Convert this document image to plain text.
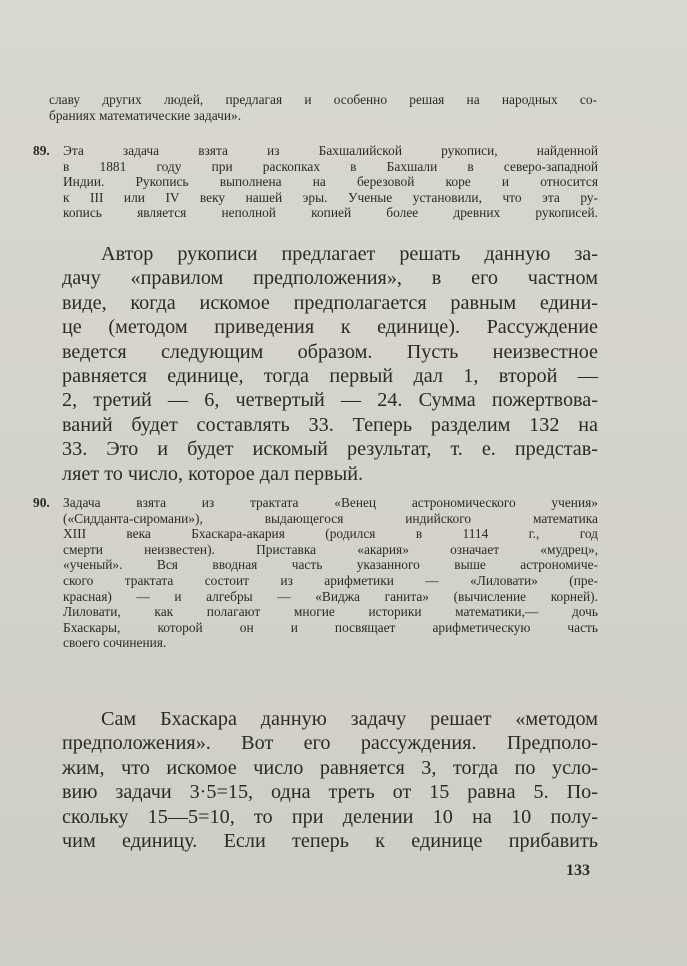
славу других людей, предлагая и особенно решая на народных со-
браниях математические задачи».
89. Эта задача взята из Бахшалийской рукописи, найденной
в 1881 году при раскопках в Бахшали в северо-западной
Индии. Рукопись выполнена на березовой коре и относится
к III или IV веку нашей эры. Ученые установили, что эта ру-
копись является неполной копией более древних рукописей.
Автор рукописи предлагает решать данную за-
дачу «правилом предположения», в его частном
виде, когда искомое предполагается равным едини-
це (методом приведения к единице). Рассуждение
ведется следующим образом. Пусть неизвестное
равняется единице, тогда первый дал 1, второй —
2, третий — 6, четвертый — 24. Сумма пожертвова-
ваний будет составлять 33. Теперь разделим 132 на
33. Это и будет искомый результат, т. е. представ-
ляет то число, которое дал первый.
90. Задача взята из трактата «Венец астрономического учения»
(«Сидданта-сиромани»), выдающегося индийского математика
XIII века Бхаскара-акария (родился в 1114 г., год
смерти неизвестен). Приставка «акария» означает «мудрец»,
«ученый». Вся вводная часть указанного выше астрономиче-
ского трактата состоит из арифметики — «Лиловати» (пре-
красная) — и алгебры — «Виджа ганита» (вычисление корней).
Лиловати, как полагают многие историки математики,— дочь
Бхаскары, которой он и посвящает арифметическую часть
своего сочинения.
Сам Бхаскара данную задачу решает «методом
предположения». Вот его рассуждения. Предполо-
жим, что искомое число равняется 3, тогда по усло-
вию задачи 3·5=15, одна треть от 15 равна 5. По-
скольку 15—5=10, то при делении 10 на 10 полу-
чим единицу. Если теперь к единице прибавить
133
